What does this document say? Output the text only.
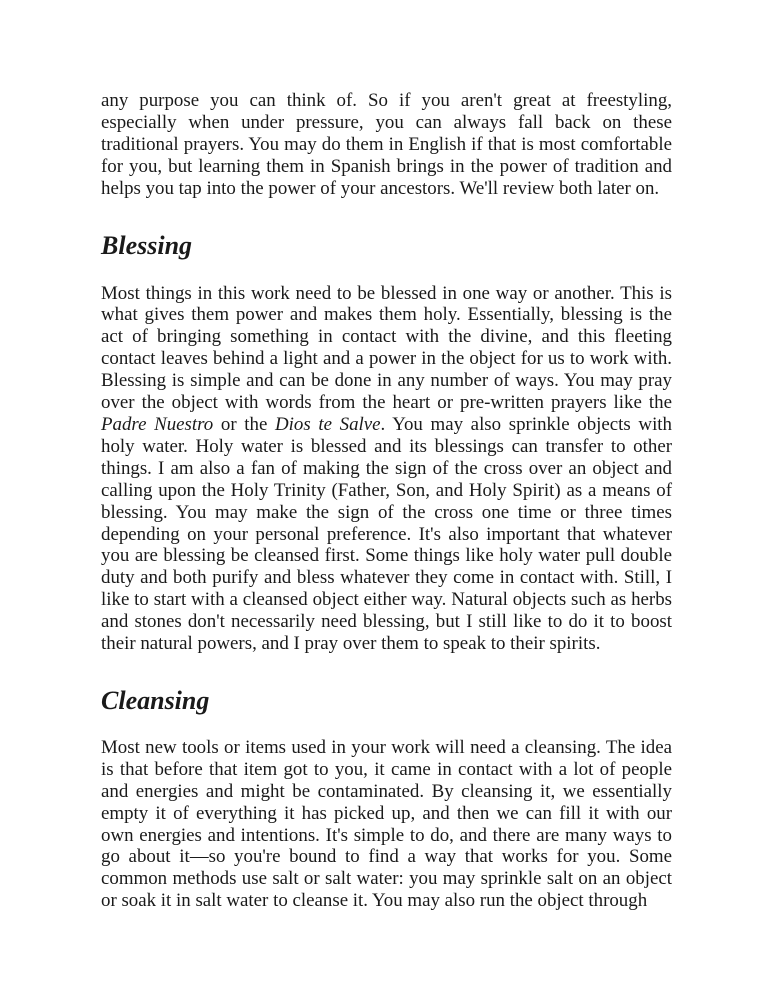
any purpose you can think of. So if you aren't great at freestyling, especially when under pressure, you can always fall back on these traditional prayers. You may do them in English if that is most comfortable for you, but learning them in Spanish brings in the power of tradition and helps you tap into the power of your ancestors. We'll review both later on.

Blessing

Most things in this work need to be blessed in one way or another. This is what gives them power and makes them holy. Essentially, blessing is the act of bringing something in contact with the divine, and this fleeting contact leaves behind a light and a power in the object for us to work with. Blessing is simple and can be done in any number of ways. You may pray over the object with words from the heart or pre-written prayers like the Padre Nuestro or the Dios te Salve. You may also sprinkle objects with holy water. Holy water is blessed and its blessings can transfer to other things. I am also a fan of making the sign of the cross over an object and calling upon the Holy Trinity (Father, Son, and Holy Spirit) as a means of blessing. You may make the sign of the cross one time or three times depending on your personal preference. It's also important that whatever you are blessing be cleansed first. Some things like holy water pull double duty and both purify and bless whatever they come in contact with. Still, I like to start with a cleansed object either way. Natural objects such as herbs and stones don't necessarily need blessing, but I still like to do it to boost their natural powers, and I pray over them to speak to their spirits.

Cleansing

Most new tools or items used in your work will need a cleansing. The idea is that before that item got to you, it came in contact with a lot of people and energies and might be contaminated. By cleansing it, we essentially empty it of everything it has picked up, and then we can fill it with our own energies and intentions. It's simple to do, and there are many ways to go about it—so you're bound to find a way that works for you. Some common methods use salt or salt water: you may sprinkle salt on an object or soak it in salt water to cleanse it. You may also run the object through
